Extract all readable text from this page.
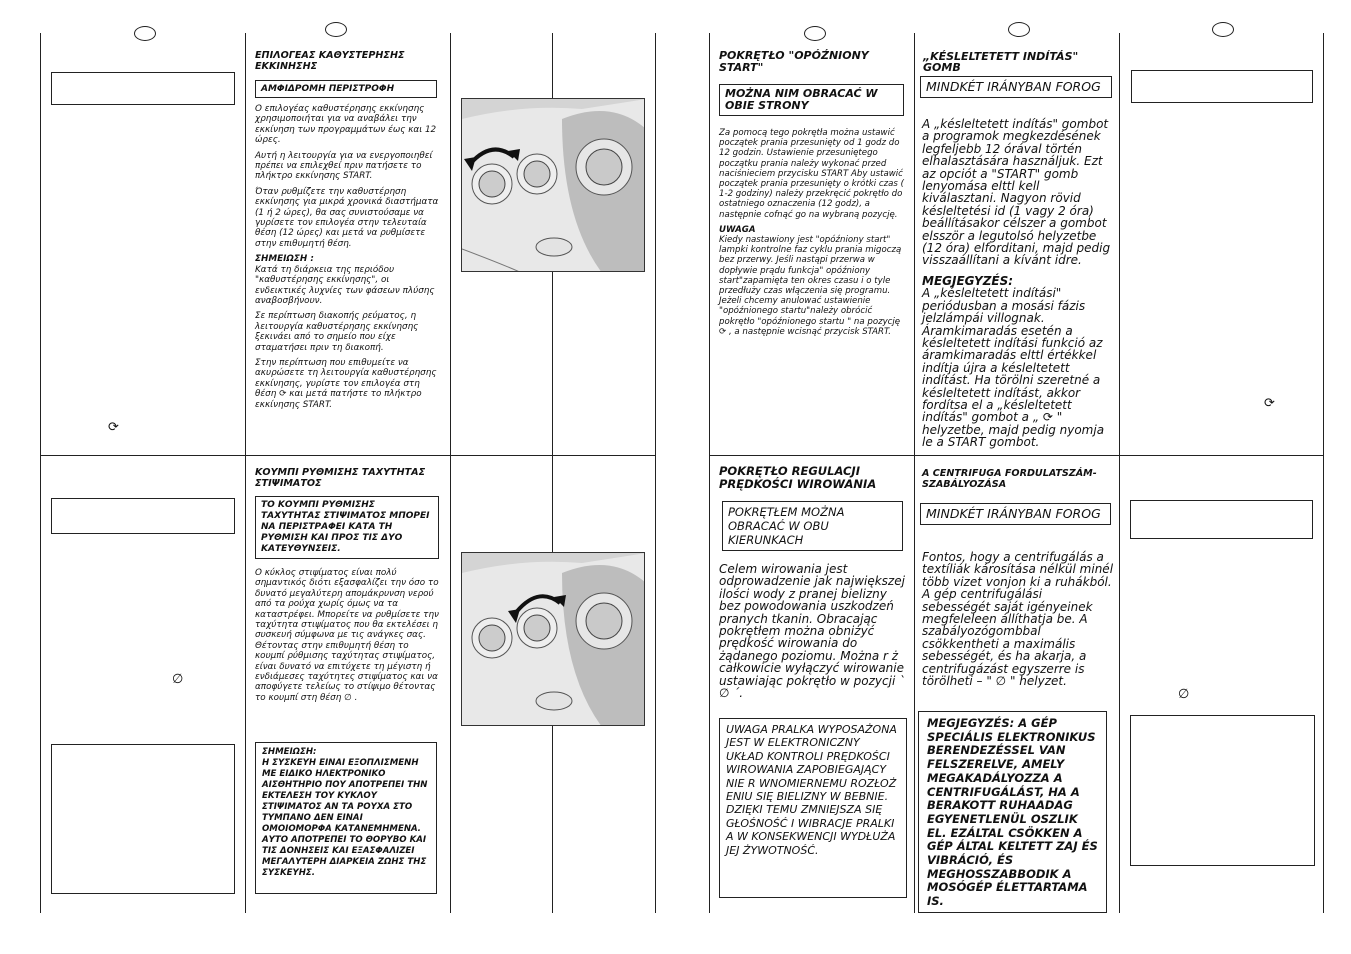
⟳
∅
ΕΠΙΛΟΓΕΑΣ ΚΑΘΥΣΤΕΡΗΣΗΣ ΕΚΚΙΝΗΣΗΣ
ΑΜΦΙΔΡΟΜΗ ΠΕΡΙΣΤΡΟΦΗ

Ο επιλογέας καθυστέρησης εκκίνησης χρησιμοποιήται για να αναβάλει την εκκίνηση των προγραμμάτων έως και 12 ώρες.

Αυτή η λειτουργία για να ενεργοποιηθεί πρέπει να επιλεχθεί πριν πατήσετε το πλήκτρο εκκίνησης START.

Όταν ρυθμίζετε την καθυστέρηση εκκίνησης για μικρά χρονικά διαστήματα (1 ή 2 ώρες), θα σας συνιστούσαμε να γυρίσετε τον επιλογέα στην τελευταία θέση (12 ώρες) και μετά να ρυθμίσετε στην επιθυμητή θέση.

ΣΗΜΕΙΩΣΗ :

Κατά τη διάρκεια της περιόδου "καθυστέρησης εκκίνησης", οι ενδεικτικές λυχνίες των φάσεων πλύσης αναβοσβήνουν.

Σε περίπτωση διακοπής ρεύματος, η λειτουργία καθυστέρησης εκκίνησης ξεκινάει από το σημείο που είχε σταματήσει πριν τη διακοπή.

Στην περίπτωση που επιθυμείτε να ακυρώσετε τη λειτουργία καθυστέρησης εκκίνησης, γυρίστε τον επιλογέα στη θέση ⟳ και μετά πατήστε το πλήκτρο εκκίνησης START.

ΚΟΥΜΠΙ ΡΥΘΜΙΣΗΣ ΤΑΧΥΤΗΤΑΣ ΣΤΙΨΙΜΑΤΟΣ
ΤΟ ΚΟΥΜΠΙ ΡΥΘΜΙΣΗΣ ΤΑΧΥΤΗΤΑΣ ΣΤΙΨΙΜΑΤΟΣ ΜΠΟΡΕΙ ΝΑ ΠΕΡΙΣΤΡΑΦΕΙ ΚΑΤΑ ΤΗ ΡΥΘΜΙΣΗ ΚΑΙ ΠΡΟΣ ΤΙΣ ΔΥΟ ΚΑΤΕΥΘΥΝΣΕΙΣ.

Ο κύκλος στιψίματος είναι πολύ σημαντικός διότι εξασφαλίζει την όσο το δυνατό μεγαλύτερη απομάκρυνση νερού από τα ρούχα χωρίς όμως να τα καταστρέφει. Μπορείτε να ρυθμίσετε την ταχύτητα στιψίματος που θα εκτελέσει η συσκευή σύμφωνα με τις ανάγκες σας. Θέτοντας στην επιθυμητή θέση το κουμπί ρύθμισης ταχύτητας στιψίματος, είναι δυνατό να επιτύχετε τη μέγιστη ή ενδιάμεσες ταχύτητες στιψίματος και να αποφύγετε τελείως το στίψιμο θέτοντας το κουμπί στη θέση ∅ .

ΣΗΜΕΙΩΣΗ:
Η ΣΥΣΚΕΥΗ ΕΙΝΑΙ ΕΞΟΠΛΙΣΜΕΝΗ ΜΕ ΕΙΔΙΚΟ ΗΛΕΚΤΡΟΝΙΚΟ ΑΙΣΘΗΤΗΡΙΟ ΠΟΥ ΑΠΟΤΡΕΠΕΙ ΤΗΝ ΕΚΤΕΛΕΣΗ ΤΟΥ ΚΥΚΛΟΥ ΣΤΙΨΙΜΑΤΟΣ ΑΝ ΤΑ ΡΟΥΧΑ ΣΤΟ ΤΥΜΠΑΝΟ ΔΕΝ ΕΙΝΑΙ ΟΜΟΙΟΜΟΡΦΑ ΚΑΤΑΝΕΜΗΜΕΝΑ. ΑΥΤΟ ΑΠΟΤΡΕΠΕΙ ΤΟ ΘΟΡΥΒΟ ΚΑΙ ΤΙΣ ΔΟΝΗΣΕΙΣ ΚΑΙ ΕΞΑΣΦΑΛΙΖΕΙ ΜΕΓΑΛΥΤΕΡΗ ΔΙΑΡΚΕΙΑ ΖΩΗΣ ΤΗΣ ΣΥΣΚΕΥΗΣ.
POKRĘTŁO "OPÓŹNIONY START"
MOŻNA NIM OBRACAĆ W OBIE STRONY

Za pomocą tego pokrętła można ustawić początek prania przesunięty od 1 godz do 12 godzin. Ustawienie przesuniętego początku prania należy wykonać przed naciśnieciem przycisku START Aby ustawić początek prania przesunięty o krótki czas ( 1-2 godziny) należy przekręcić pokrętło do ostatniego oznaczenia (12 godz), a następnie cofnąć go na wybraną pozycję.

UWAGA

Kiedy nastawiony jest "opóźniony start" lampki kontrolne faz cyklu prania migoczą bez przerwy. Jeśli nastąpi przerwa w dopływie prądu funkcja" opóźniony start"zapamięta ten okres czasu i o tyle przedłuży czas włączenia się programu. Jeżeli chcemy anulować ustawienie "opóźnionego startu"należy obrócić pokrętło "opóźnionego startu " na pozycję ⟳ , a następnie wcisnąć przycisk START.

POKRĘTŁO REGULACJI PRĘDKOŚCI WIROWANIA
POKRĘTŁEM MOŻNA OBRACAĆ W OBU KIERUNKACH

Celem wirowania jest odprowadzenie jak największej ilości wody z pranej bielizny bez powodowania uszkodzeń pranych tkanin. Obracając pokrętłem można obniżyć prędkość wirowania do żądanego poziomu. Można r ż całkowicie wyłączyć wirowanie ustawiając pokrętło w pozycji ` ∅ ´.

UWAGA PRALKA WYPOSAŻONA JEST W ELEKTRONICZNY UKŁAD KONTROLI PRĘDKOŚCI WIROWANIA ZAPOBIEGAJĄCY NIE R WNOMIERNEMU ROZŁOŻ ENIU SIĘ BIELIZNY W BEBNIE. DZIĘKI TEMU ZMNIEJSZA SIĘ GŁOŚNOŚĆ I WIBRACJE PRALKI A W KONSEKWENCJI WYDŁUŻA JEJ ŻYWOTNOŚĆ.
„KÉSLELTETETT INDÍTÁS" GOMB
MINDKÉT IRÁNYBAN FOROG

A „késleltetett indítás" gombot a programok megkezdésének legfeljebb 12 órával történ elhalasztására használjuk. Ezt az opciót a "START" gomb lenyomása elttl kell kiválasztani. Nagyon rövid késleltetési id (1 vagy 2 óra) beállításakor célszer a gombot elsször a legutolsó helyzetbe (12 óra) elforditani, majd pedig visszaállítani a kívánt idre.

MEGJEGYZÉS:

A „késleltetett indítási" periódusban a mosási fázis jelzlámpái villognak. Áramkimaradás esetén a késleltetett indítási funkció az áramkimaradás elttl értékkel indítja újra a késleltetett indítást. Ha törölni szeretné a késleltetett indítást, akkor fordítsa el a „késleltetett indítás" gombot a „ ⟳ " helyzetbe, majd pedig nyomja le a START gombot.

A CENTRIFUGA FORDULATSZÁM-SZABÁLYOZÁSA
MINDKÉT IRÁNYBAN FOROG

Fontos, hogy a centrifugálás a textíliák károsítása nélkül minél több vizet vonjon ki a ruhákból. A gép centrifugálási sebességét saját igényeinek megfeleleen állíthatja be. A szabályozógombbal csökkentheti a maximális sebességét, és ha akarja, a centrifugázást egyszerre is törölheti – " ∅ " helyzet.

MEGJEGYZÉS: A GÉP SPECIÁLIS ELEKTRONIKUS BERENDEZÉSSEL VAN FELSZERELVE, AMELY MEGAKADÁLYOZZA A CENTRIFUGÁLÁST, HA A BERAKOTT RUHAADAG EGYENETLENÜL OSZLIK EL. EZÁLTAL CSÖKKEN A GÉP ÁLTAL KELTETT ZAJ ÉS VIBRÁCIÓ, ÉS MEGHOSSZABBODIK A MOSÓGÉP ÉLETTARTAMA IS.
⟳
∅
